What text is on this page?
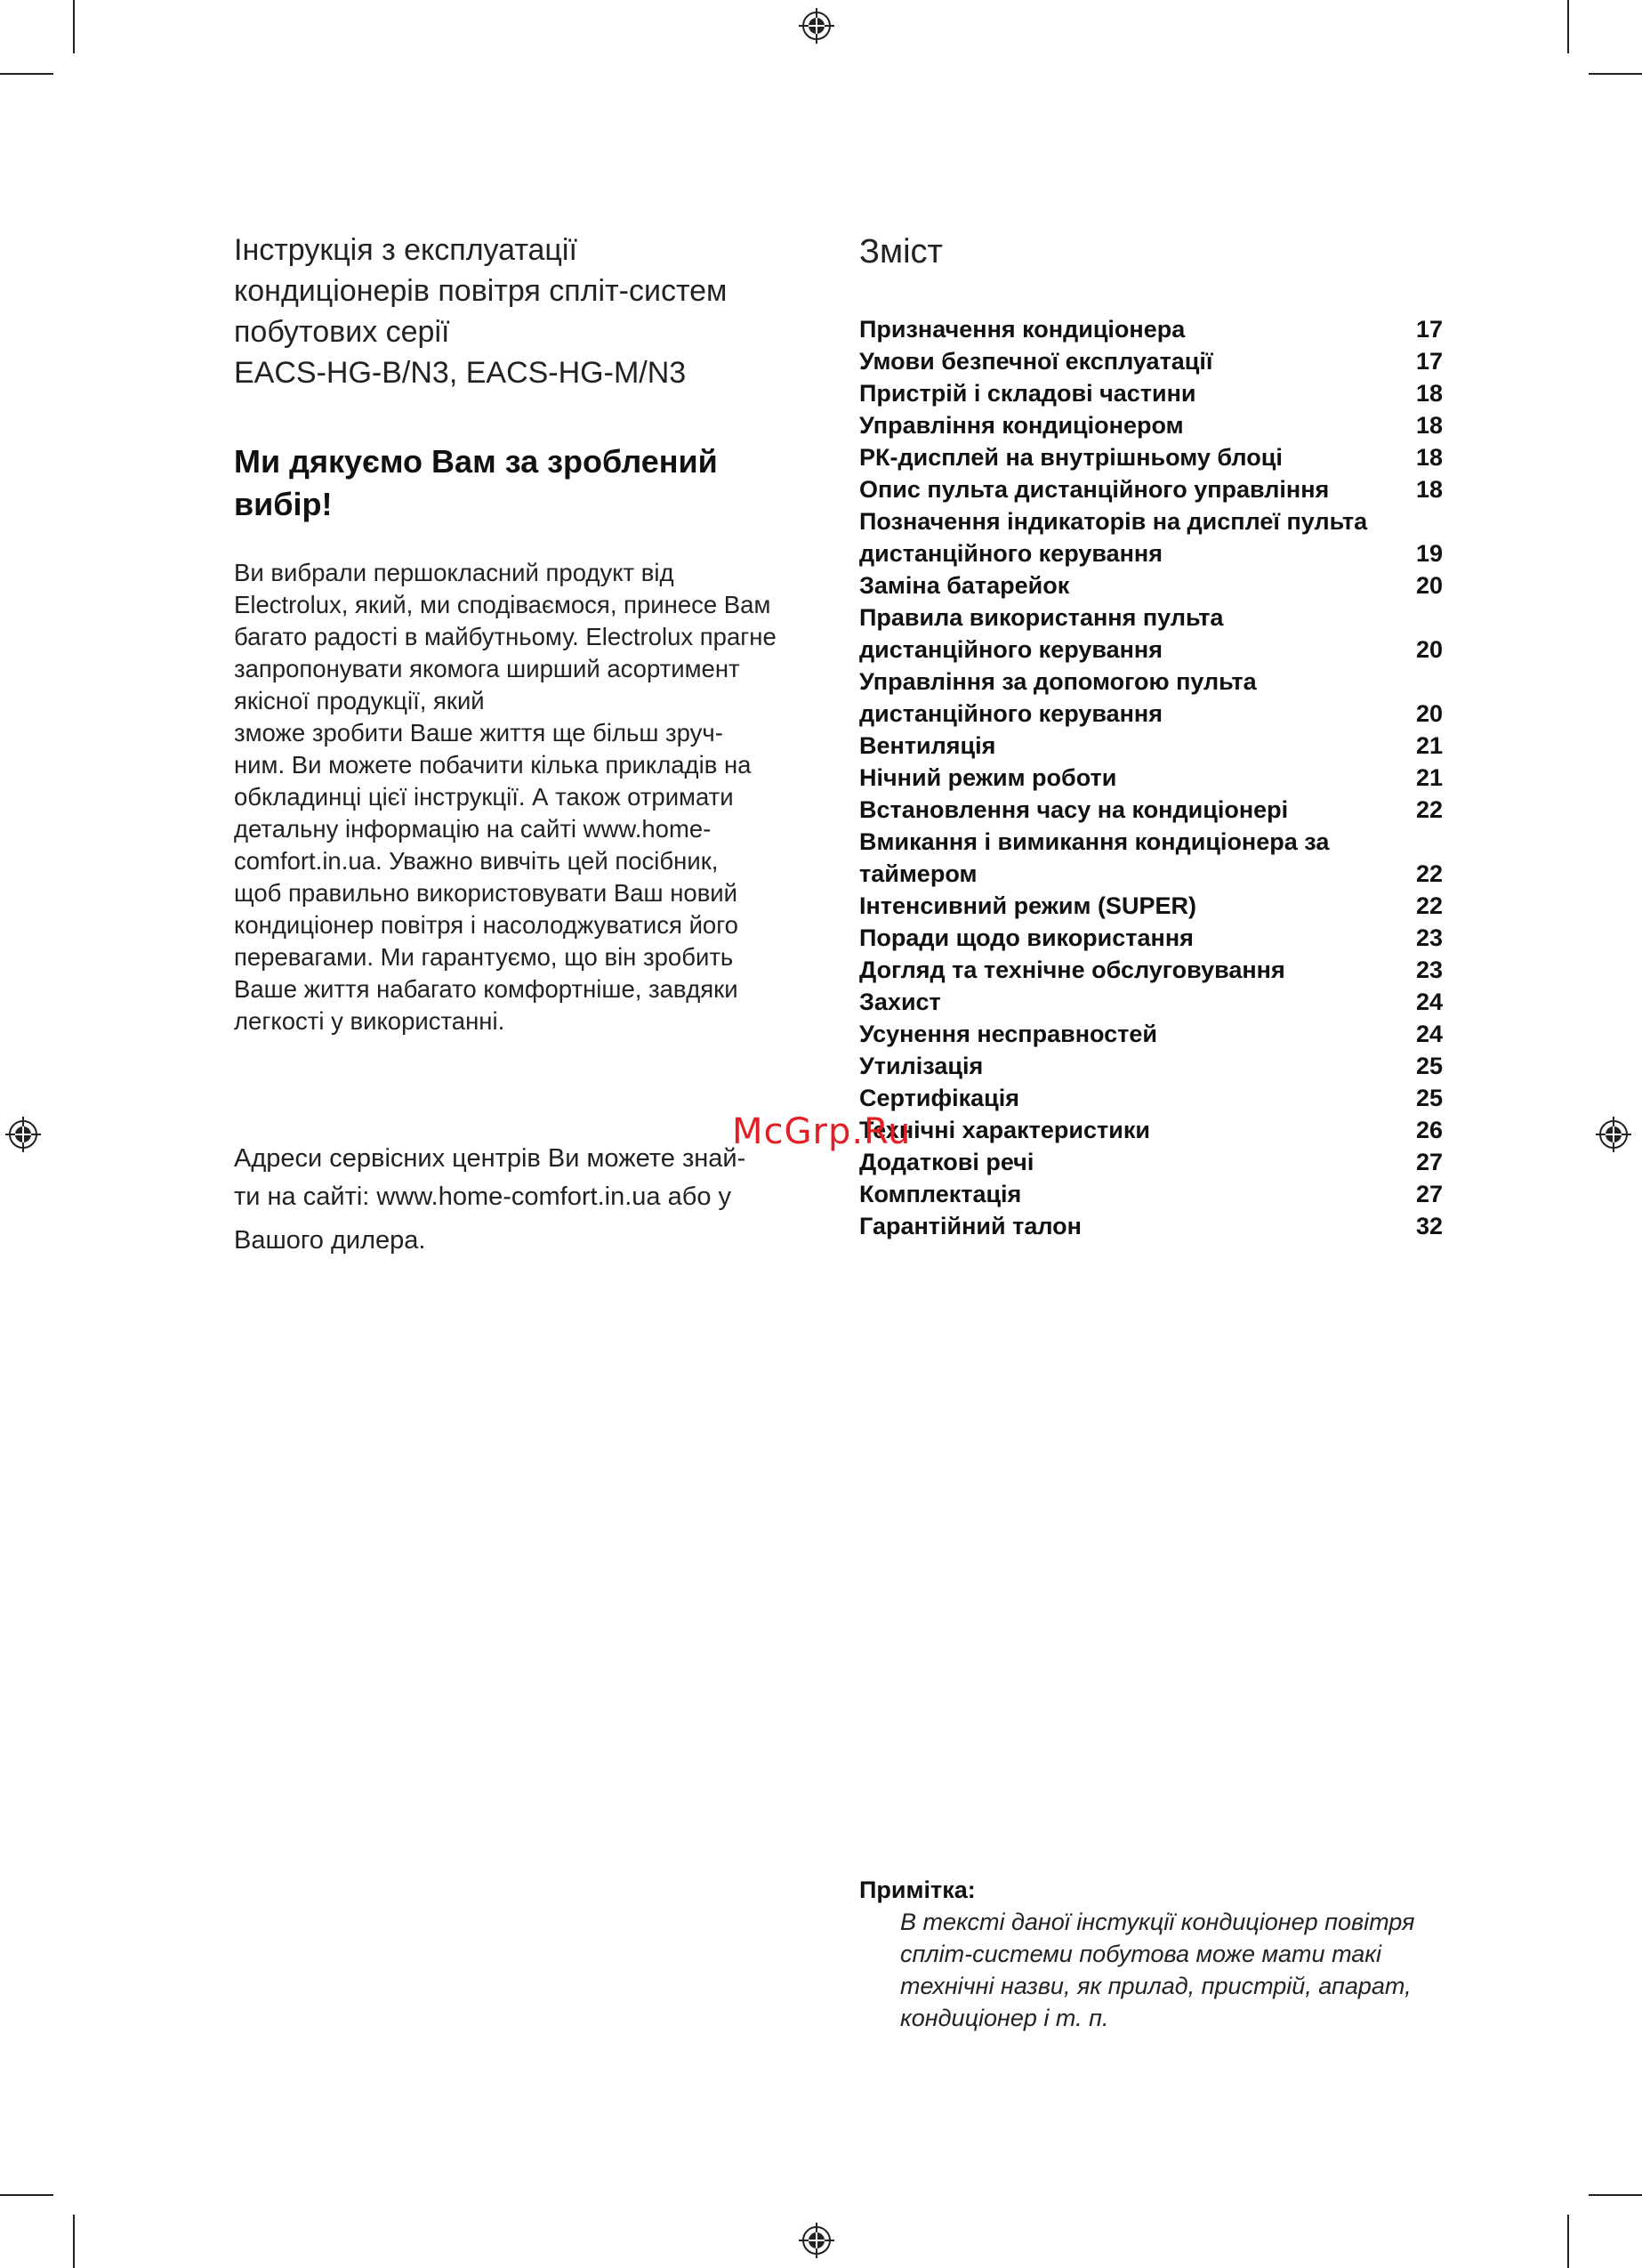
Інструкція з експлуатації
кондиціонерів повітря спліт-систем
побутових серії
EACS-HG-B/N3, EACS-HG-M/N3
Ми дякуємо Вам за зроблений
вибір!
Ви вибрали першокласний продукт від
Electrolux, який, ми сподіваємося, принесе Вам
багато радості в майбутньому. Electrolux прагне
запропонувати якомога ширший асортимент
якісної продукції, який
зможе зробити Ваше життя ще більш зруч-
ним. Ви можете побачити кілька прикладів на
обкладинці цієї інструкції. А також отримати
детальну інформацію на сайті www.home-
comfort.in.ua. Уважно вивчіть цей посібник,
щоб правильно використовувати Ваш новий
кондиціонер повітря і насолоджуватися його
перевагами. Ми гарантуємо, що він зробить
Ваше життя набагато комфортніше, завдяки
легкості у використанні.
Адреси сервісних центрів Ви можете знай-
ти на сайті: www.home-comfort.in.ua або у
Вашого дилера.
Зміст
Призначення кондиціонера	17
Умови безпечної експлуатації	17
Пристрій і складові частини	18
Управління кондиціонером	18
РК-дисплей на внутрішньому блоці	18
Опис пульта дистанційного управління	18
Позначення індикаторів на дисплеї пульта
дистанційного керування	19
Заміна батарейок	20
Правила використання пульта
дистанційного керування	20
Управління за допомогою пульта
дистанційного керування	20
Вентиляція	21
Нічний режим роботи	21
Встановлення часу на кондиціонері	22
Вмикання і вимикання кондиціонера за
таймером	22
Інтенсивний режим (SUPER)	22
Поради щодо використання	23
Догляд та технічне обслуговування	23
Захист	24
Усунення несправностей	24
Утилізація	25
Сертифікація	25
Технічні характеристики	26
Додаткові речі	27
Комплектація	27
Гарантійний талон	32
McGrp.Ru
Примітка:
В тексті даної інстукції кондиціонер повітря
спліт-системи побутова може мати такі
технічні назви, як прилад, пристрій, апарат,
кондиціонер і т. п.
